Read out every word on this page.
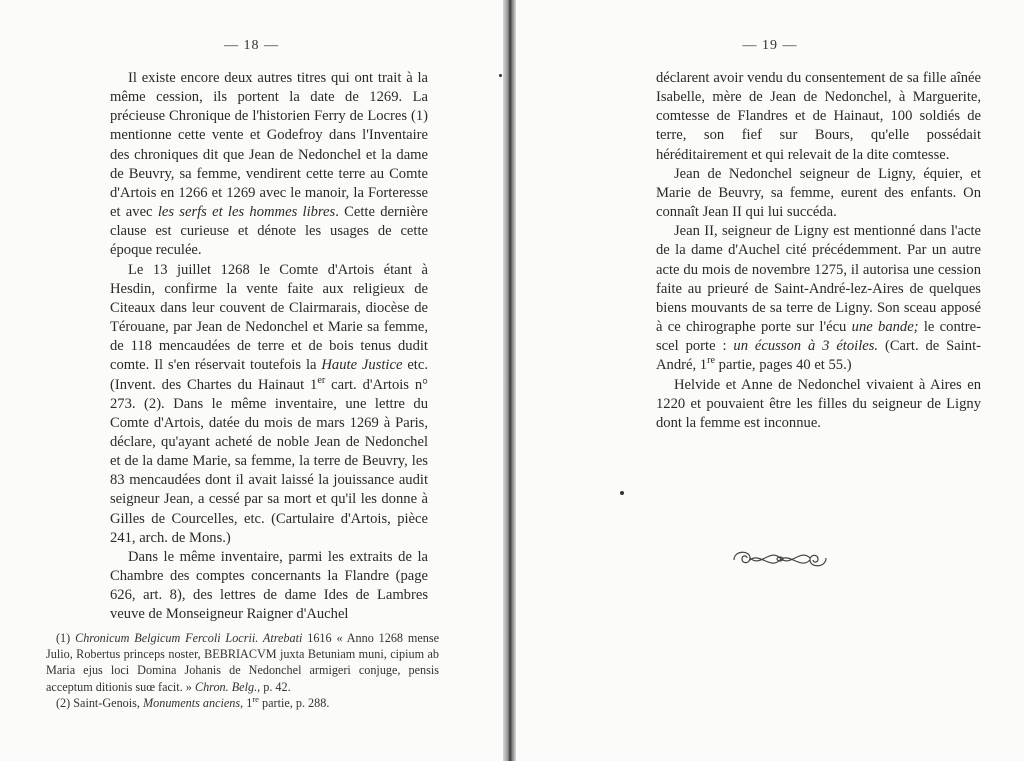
— 18 —

Il existe encore deux autres titres qui ont trait à la même cession, ils portent la date de 1269. La précieuse Chronique de l'historien Ferry de Locres (1) mentionne cette vente et Godefroy dans l'Inventaire des chroniques dit que Jean de Nedonchel et la dame de Beuvry, sa femme, vendirent cette terre au Comte d'Artois en 1266 et 1269 avec le manoir, la Forteresse et avec les serfs et les hommes libres. Cette dernière clause est curieuse et dénote les usages de cette époque reculée.

Le 13 juillet 1268 le Comte d'Artois étant à Hesdin, confirme la vente faite aux religieux de Citeaux dans leur couvent de Clairmarais, diocèse de Térouane, par Jean de Nedonchel et Marie sa femme, de 118 mencaudées de terre et de bois tenus dudit comte. Il s'en réservait toutefois la Haute Justice etc. (Invent. des Chartes du Hainaut 1er cart. d'Artois n° 273. (2). Dans le même inventaire, une lettre du Comte d'Artois, datée du mois de mars 1269 à Paris, déclare, qu'ayant acheté de noble Jean de Nedonchel et de la dame Marie, sa femme, la terre de Beuvry, les 83 mencaudées dont il avait laissé la jouissance audit seigneur Jean, a cessé par sa mort et qu'il les donne à Gilles de Courcelles, etc. (Cartulaire d'Artois, pièce 241, arch. de Mons.)

Dans le même inventaire, parmi les extraits de la Chambre des comptes concernants la Flandre (page 626, art. 8), des lettres de dame Ides de Lambres veuve de Monseigneur Raigner d'Auchel

(1) Chronicum Belgicum Fercoli Locrii. Atrebati 1616 « Anno 1268 mense Julio, Robertus princeps noster, BEBRIACVM juxta Betuniam muni, cipium ab Maria ejus loci Domina Johanis de Nedonchel armigeri conjuge, pensis acceptum ditionis suœ facit. » Chron. Belg., p. 42.

(2) Saint-Genois, Monuments anciens, 1re partie, p. 288.

— 19 —

déclarent avoir vendu du consentement de sa fille aînée Isabelle, mère de Jean de Nedonchel, à Marguerite, comtesse de Flandres et de Hainaut, 100 soldiés de terre, son fief sur Bours, qu'elle possédait héréditairement et qui relevait de la dite comtesse.

Jean de Nedonchel seigneur de Ligny, équier, et Marie de Beuvry, sa femme, eurent des enfants. On connaît Jean II qui lui succéda.

Jean II, seigneur de Ligny est mentionné dans l'acte de la dame d'Auchel cité précédemment. Par un autre acte du mois de novembre 1275, il autorisa une cession faite au prieuré de Saint-André-lez-Aires de quelques biens mouvants de sa terre de Ligny. Son sceau apposé à ce chirographe porte sur l'écu une bande; le contre-scel porte : un écusson à 3 étoiles. (Cart. de Saint-André, 1re partie, pages 40 et 55.)

Helvide et Anne de Nedonchel vivaient à Aires en 1220 et pouvaient être les filles du seigneur de Ligny dont la femme est inconnue.
